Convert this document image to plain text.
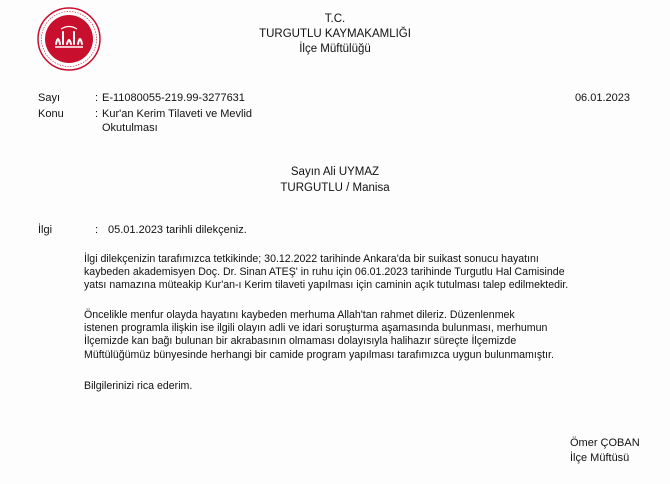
T.C.
TURGUTLU KAYMAKAMLIĞI
İlçe Müftülüğü
Sayı	: E-11080055-219.99-3277631	06.01.2023
Konu	: Kur'an Kerim Tilaveti ve Mevlid
Okutulması
Sayın Ali UYMAZ
TURGUTLU / Manisa
İlgi	: 05.01.2023 tarihli dilekçeniz.

İlgi dilekçenizin tarafımızca tetkikinde; 30.12.2022 tarihinde Ankara'da bir suikast sonucu hayatını

kaybeden akademisyen Doç. Dr. Sinan ATEŞ' in ruhu için 06.01.2023 tarihinde Turgutlu Hal Camisinde

yatsı namazına müteakip Kur'an-ı Kerim tilaveti yapılması için caminin açık tutulması talep edilmektedir.

Öncelikle menfur olayda hayatını kaybeden merhuma Allah'tan rahmet dileriz. Düzenlenmek

istenen programla ilişkin ise ilgili olayın adli ve idari soruşturma aşamasında bulunması, merhumun

İlçemizde kan bağı bulunan bir akrabasının olmaması dolayısıyla halihazır süreçte İlçemizde

Müftülüğümüz bünyesinde herhangi bir camide program yapılması tarafımızca uygun bulunmamıştır.

Bilgilerinizi rica ederim.

Ömer ÇOBAN
İlçe Müftüsü
